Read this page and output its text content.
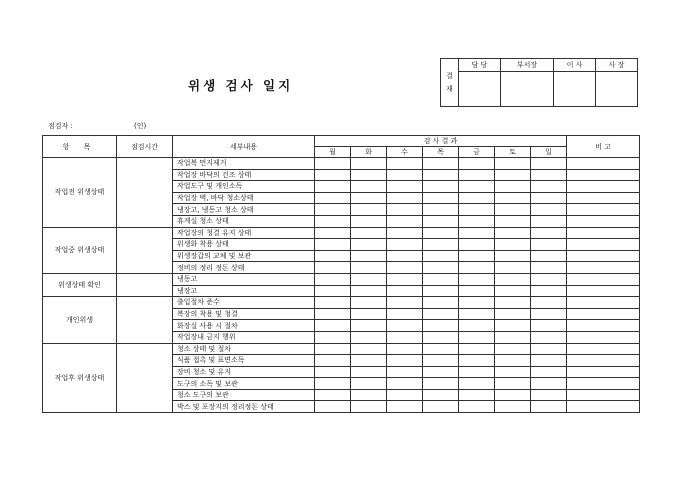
위생 검사 일지
결
재	담 당	부서장	이 사	사 장

점검자 :	(인)
항 목	점검시간	세부내용	검 사 결 과							비 고
			월	화	수	목	금	토	일	
작업전 위생상태		작업복 먼지제거								
		작업장 바닥의 건조 상태								
		작업도구 및 개인소독								
		작업장 벽, 바닥 청소상태								
		냉장고, 냉동고 청소 상태								
		휴게실 청소 상태								
작업중 위생상태		작업장의 청결 유지 상태								
		위생화 착용 상태								
		위생장갑의 교체 및 보관								
		정비의 정리 정돈 상태								
위생상태 확인		냉동고								
		냉장고								
개인위생		출입절차 준수								
		복장의 착용 및 청결								
		화장실 사용 시 절차								
		작업장내 금지 행위								
작업후 위생상태		청소 상태 및 절차								
		식품 접촉 및 표면소독								
		장비 청소 및 유지								
		도구의 소독 및 보관								
		청소 도구의 보관								
		박스 및 포장지의 정리정돈 상태								
